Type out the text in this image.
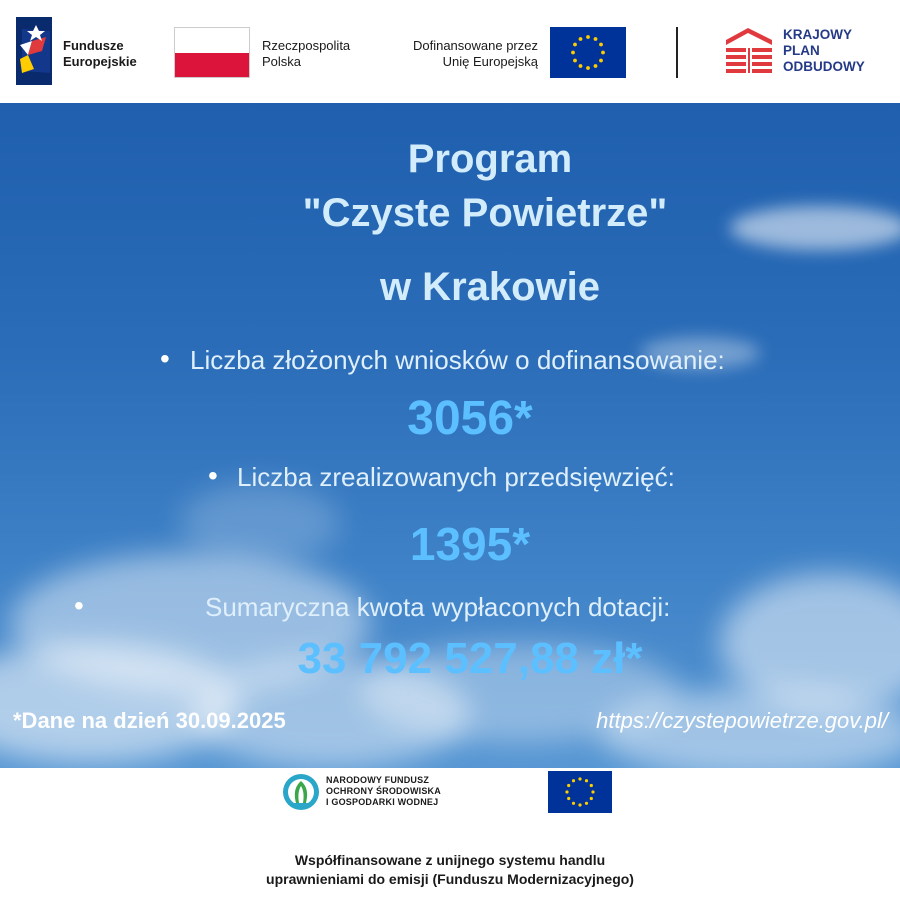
Fundusze
Europejskie
Rzeczpospolita
Polska
Dofinansowane przez
Unię Europejską
KRAJOWY
PLAN
ODBUDOWY
Program
"Czyste Powietrze"
w Krakowie
• Liczba złożonych wniosków o dofinansowanie:
3056*
• Liczba zrealizowanych przedsięwzięć:
1395*
•	Sumaryczna kwota wypłaconych dotacji:
33 792 527,88 zł*
*Dane na dzień 30.09.2025	https://czystepowietrze.gov.pl/
NARODOWY FUNDUSZ
OCHRONY ŚRODOWISKA
I GOSPODARKI WODNEJ
Współfinansowane z unijnego systemu handlu
uprawnieniami do emisji (Funduszu Modernizacyjnego)
